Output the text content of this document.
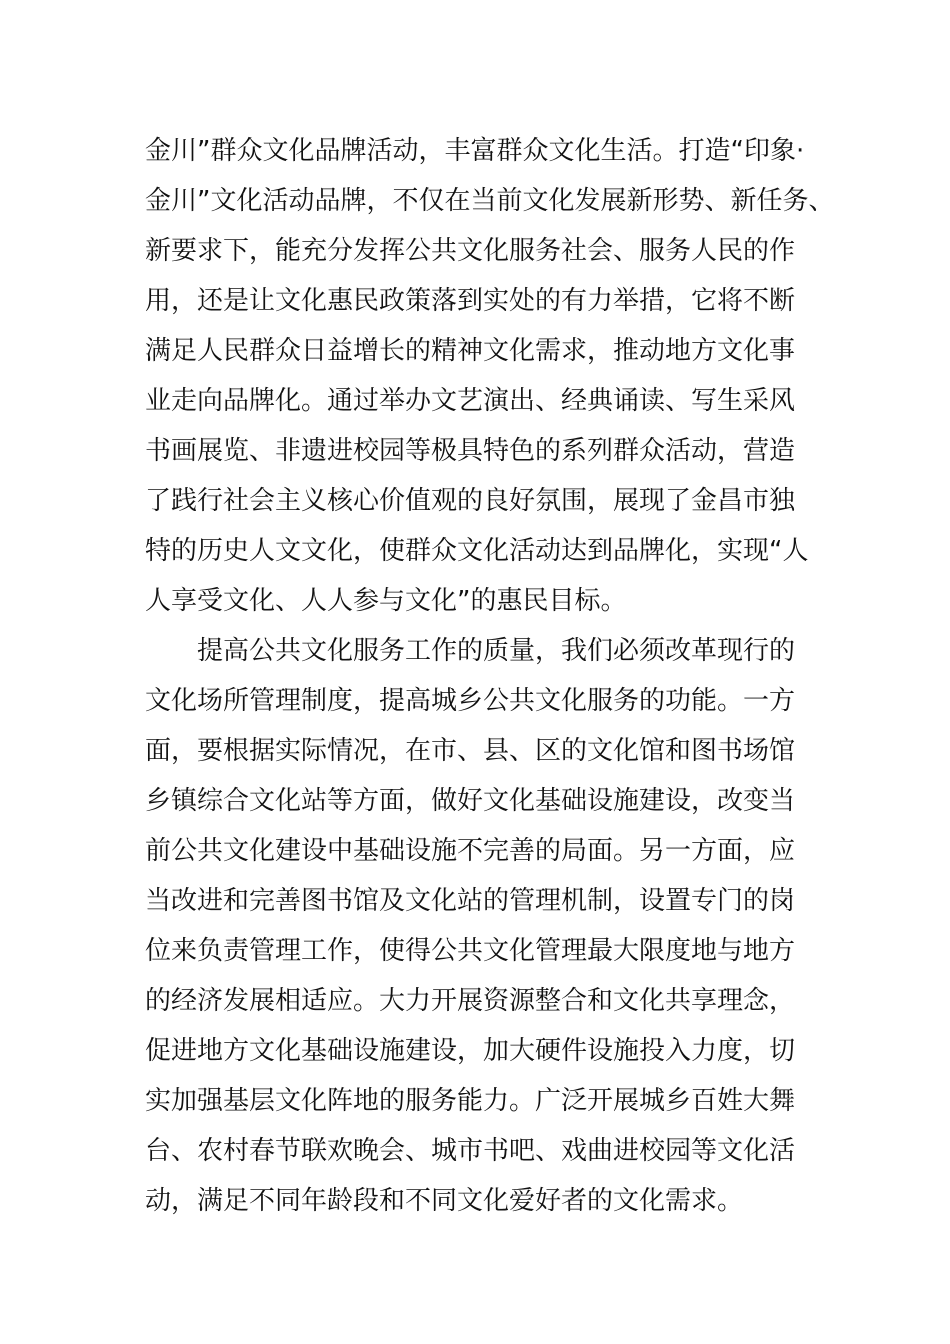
金川”群众文化品牌活动，丰富群众文化生活。打造“印象·
金川”文化活动品牌，不仅在当前文化发展新形势、新任务、
新要求下，能充分发挥公共文化服务社会、服务人民的作
用，还是让文化惠民政策落到实处的有力举措，它将不断
满足人民群众日益增长的精神文化需求，推动地方文化事
业走向品牌化。通过举办文艺演出、经典诵读、写生采风
书画展览、非遗进校园等极具特色的系列群众活动，营造
了践行社会主义核心价值观的良好氛围，展现了金昌市独
特的历史人文文化，使群众文化活动达到品牌化，实现“人
人享受文化、人人参与文化”的惠民目标。
提高公共文化服务工作的质量，我们必须改革现行的
文化场所管理制度，提高城乡公共文化服务的功能。一方
面，要根据实际情况，在市、县、区的文化馆和图书场馆
乡镇综合文化站等方面，做好文化基础设施建设，改变当
前公共文化建设中基础设施不完善的局面。另一方面，应
当改进和完善图书馆及文化站的管理机制，设置专门的岗
位来负责管理工作，使得公共文化管理最大限度地与地方
的经济发展相适应。大力开展资源整合和文化共享理念，
促进地方文化基础设施建设，加大硬件设施投入力度，切
实加强基层文化阵地的服务能力。广泛开展城乡百姓大舞
台、农村春节联欢晚会、城市书吧、戏曲进校园等文化活
动，满足不同年龄段和不同文化爱好者的文化需求。
